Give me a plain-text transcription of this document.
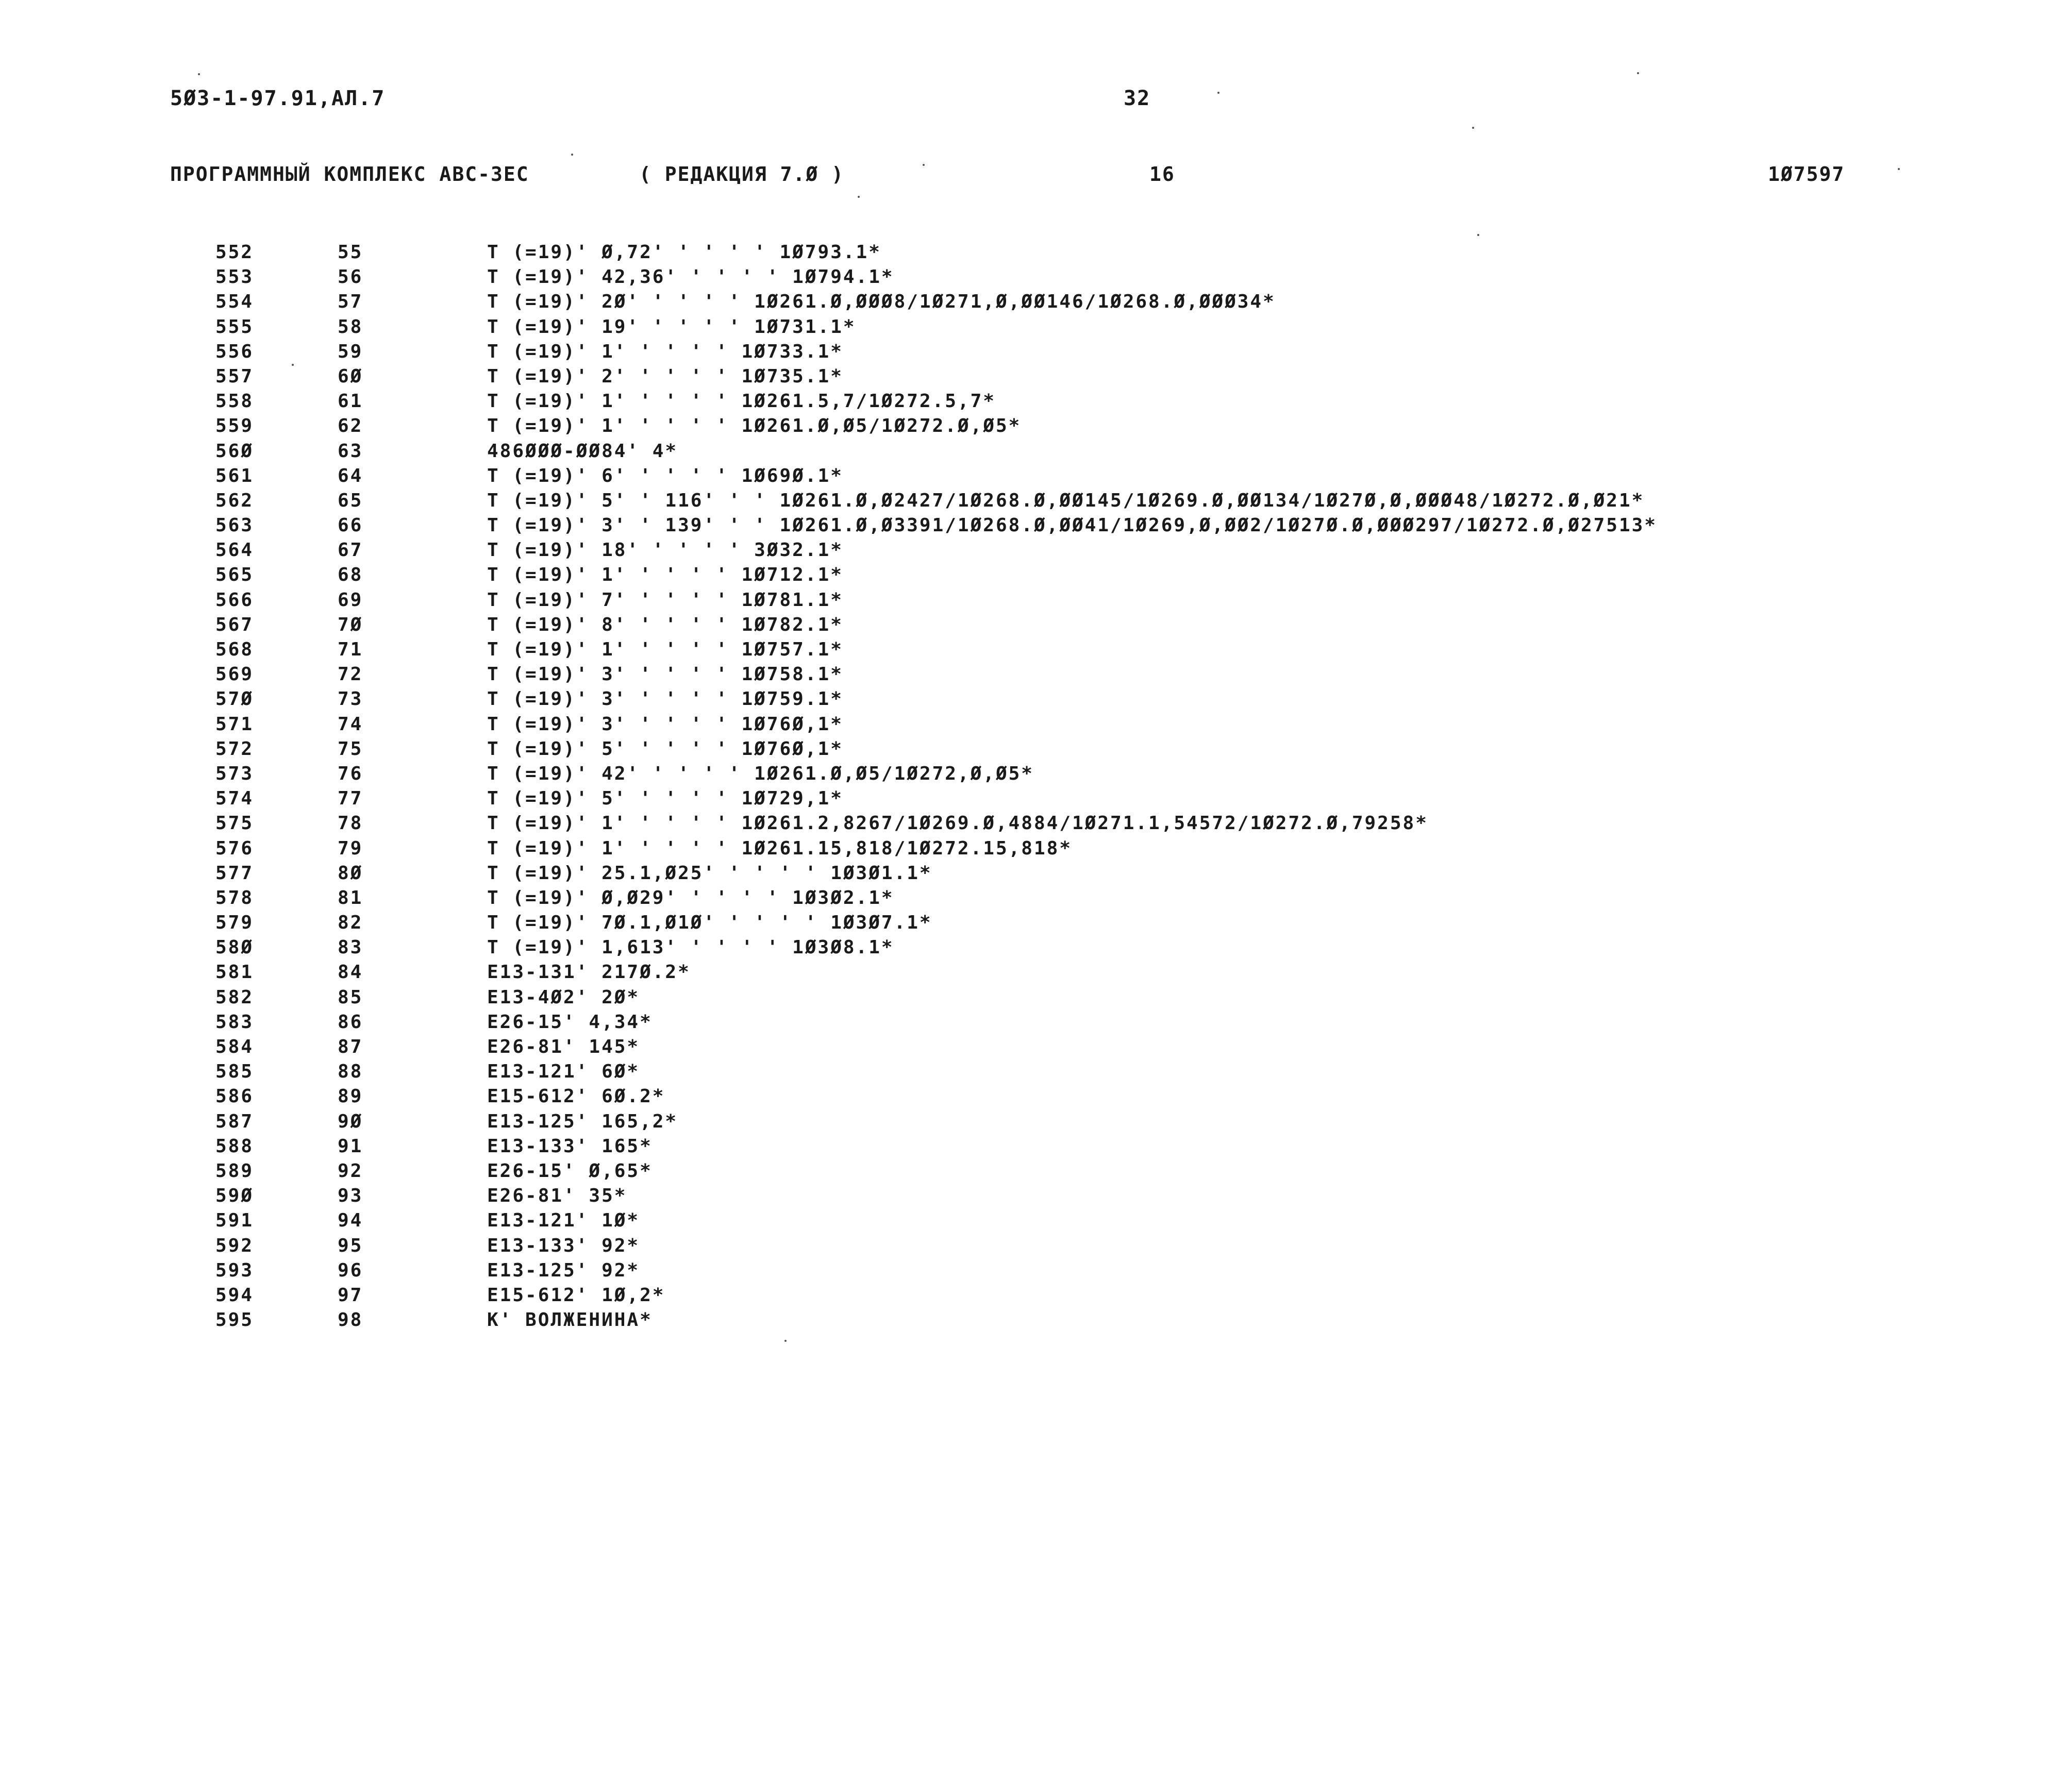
5Ø3-1-97.91,АЛ.7	32
ПРОГРАММНЫЙ КОМПЛЕКС АВС-3ЕС	( РЕДАКЦИЯ 7.Ø )	16	1Ø7597
552	55	T (=19)' Ø,72' ' ' ' ' 1Ø793.1*
553	56	T (=19)' 42,36' ' ' ' ' 1Ø794.1*
554	57	T (=19)' 2Ø' ' ' ' ' 1Ø261.Ø,ØØØ8/1Ø271,Ø,ØØ146/1Ø268.Ø,ØØØ34*
555	58	T (=19)' 19' ' ' ' ' 1Ø731.1*
556	59	T (=19)' 1' ' ' ' ' 1Ø733.1*
557	6Ø	T (=19)' 2' ' ' ' ' 1Ø735.1*
558	61	T (=19)' 1' ' ' ' ' 1Ø261.5,7/1Ø272.5,7*
559	62	T (=19)' 1' ' ' ' ' 1Ø261.Ø,Ø5/1Ø272.Ø,Ø5*
56Ø	63	486ØØØ-ØØ84' 4*
561	64	T (=19)' 6' ' ' ' ' 1Ø69Ø.1*
562	65	T (=19)' 5' ' 116' ' ' 1Ø261.Ø,Ø2427/1Ø268.Ø,ØØ145/1Ø269.Ø,ØØ134/1Ø27Ø,Ø,ØØØ48/1Ø272.Ø,Ø21*
563	66	T (=19)' 3' ' 139' ' ' 1Ø261.Ø,Ø3391/1Ø268.Ø,ØØ41/1Ø269,Ø,ØØ2/1Ø27Ø.Ø,ØØØ297/1Ø272.Ø,Ø27513*
564	67	T (=19)' 18' ' ' ' ' 3Ø32.1*
565	68	T (=19)' 1' ' ' ' ' 1Ø712.1*
566	69	T (=19)' 7' ' ' ' ' 1Ø781.1*
567	7Ø	T (=19)' 8' ' ' ' ' 1Ø782.1*
568	71	T (=19)' 1' ' ' ' ' 1Ø757.1*
569	72	T (=19)' 3' ' ' ' ' 1Ø758.1*
57Ø	73	T (=19)' 3' ' ' ' ' 1Ø759.1*
571	74	T (=19)' 3' ' ' ' ' 1Ø76Ø,1*
572	75	T (=19)' 5' ' ' ' ' 1Ø76Ø,1*
573	76	T (=19)' 42' ' ' ' ' 1Ø261.Ø,Ø5/1Ø272,Ø,Ø5*
574	77	T (=19)' 5' ' ' ' ' 1Ø729,1*
575	78	T (=19)' 1' ' ' ' ' 1Ø261.2,8267/1Ø269.Ø,4884/1Ø271.1,54572/1Ø272.Ø,79258*
576	79	T (=19)' 1' ' ' ' ' 1Ø261.15,818/1Ø272.15,818*
577	8Ø	T (=19)' 25.1,Ø25' ' ' ' ' 1Ø3Ø1.1*
578	81	T (=19)' Ø,Ø29' ' ' ' ' 1Ø3Ø2.1*
579	82	T (=19)' 7Ø.1,Ø1Ø' ' ' ' ' 1Ø3Ø7.1*
58Ø	83	T (=19)' 1,613' ' ' ' ' 1Ø3Ø8.1*
581	84	E13-131' 217Ø.2*
582	85	E13-4Ø2' 2Ø*
583	86	E26-15' 4,34*
584	87	E26-81' 145*
585	88	E13-121' 6Ø*
586	89	E15-612' 6Ø.2*
587	9Ø	E13-125' 165,2*
588	91	E13-133' 165*
589	92	E26-15' Ø,65*
59Ø	93	E26-81' 35*
591	94	E13-121' 1Ø*
592	95	E13-133' 92*
593	96	E13-125' 92*
594	97	E15-612' 1Ø,2*
595	98	K' ВОЛЖЕНИНА*
